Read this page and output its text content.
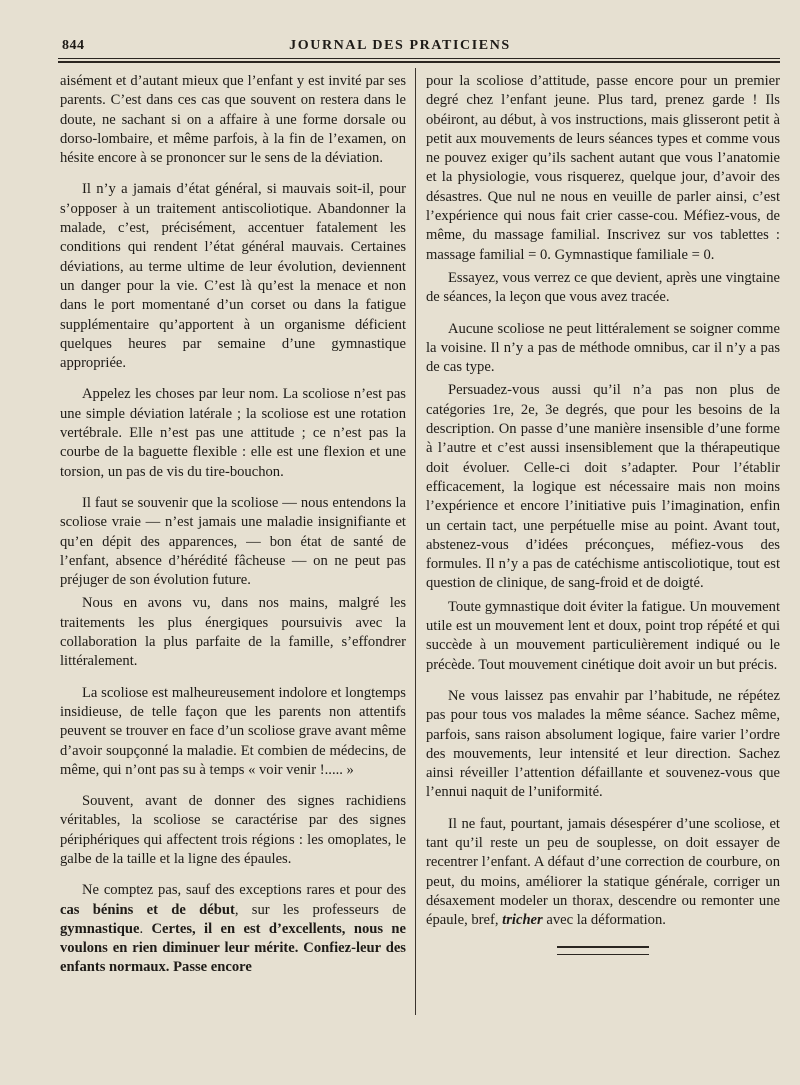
844	JOURNAL DES PRATICIENS

aisément et d’autant mieux que l’enfant y est invité par ses parents. C’est dans ces cas que souvent on restera dans le doute, ne sachant si on a affaire à une forme dorsale ou dorso-lombaire, et même parfois, à la fin de l’examen, on hésite encore à se prononcer sur le sens de la déviation.

Il n’y a jamais d’état général, si mauvais soit-il, pour s’opposer à un traitement antiscoliotique. Abandonner la malade, c’est, précisément, accentuer fatalement les conditions qui rendent l’état général mauvais. Certaines déviations, au terme ultime de leur évolution, deviennent un danger pour la vie. C’est là qu’est la menace et non dans le port momentané d’un corset ou dans la fatigue supplémentaire qu’apportent à un organisme déficient quelques heures par semaine d’une gymnastique appropriée.

Appelez les choses par leur nom. La scoliose n’est pas une simple déviation latérale ; la scoliose est une rotation vertébrale. Elle n’est pas une attitude ; ce n’est pas la courbe de la baguette flexible : elle est une flexion et une torsion, un pas de vis du tire-bouchon.

Il faut se souvenir que la scoliose — nous entendons la scoliose vraie — n’est jamais une maladie insignifiante et qu’en dépit des apparences, — bon état de santé de l’enfant, absence d’hérédité fâcheuse — on ne peut pas préjuger de son évolution future.

Nous en avons vu, dans nos mains, malgré les traitements les plus énergiques poursuivis avec la collaboration la plus parfaite de la famille, s’effondrer littéralement.

La scoliose est malheureusement indolore et longtemps insidieuse, de telle façon que les parents non attentifs peuvent se trouver en face d’un scoliose grave avant même d’avoir soupçonné la maladie. Et combien de médecins, de même, qui n’ont pas su à temps « voir venir !..... »

Souvent, avant de donner des signes rachidiens véritables, la scoliose se caractérise par des signes périphériques qui affectent trois régions : les omoplates, le galbe de la taille et la ligne des épaules.

Ne comptez pas, sauf des exceptions rares et pour des cas bénins et de début, sur les professeurs de gymnastique. Certes, il en est d’excellents, nous ne voulons en rien diminuer leur mérite. Confiez-leur des enfants normaux. Passe encore

pour la scoliose d’attitude, passe encore pour un premier degré chez l’enfant jeune. Plus tard, prenez garde ! Ils obéiront, au début, à vos instructions, mais glisseront petit à petit aux mouvements de leurs séances types et comme vous ne pouvez exiger qu’ils sachent autant que vous l’anatomie et la physiologie, vous risquerez, quelque jour, d’avoir des désastres. Que nul ne nous en veuille de parler ainsi, c’est l’expérience qui nous fait crier casse-cou. Méfiez-vous, de même, du massage familial. Inscrivez sur vos tablettes : massage familial = 0. Gymnastique familiale = 0.

Essayez, vous verrez ce que devient, après une vingtaine de séances, la leçon que vous avez tracée.

Aucune scoliose ne peut littéralement se soigner comme la voisine. Il n’y a pas de méthode omnibus, car il n’y a pas de cas type.

Persuadez-vous aussi qu’il n’a pas non plus de catégories 1re, 2e, 3e degrés, que pour les besoins de la description. On passe d’une manière insensible d’une forme à l’autre et c’est aussi insensiblement que la thérapeutique doit évoluer. Celle-ci doit s’adapter. Pour l’établir efficacement, la logique est nécessaire mais non moins l’expérience et encore l’initiative puis l’imagination, enfin un certain tact, une perpétuelle mise au point. Avant tout, abstenez-vous d’idées préconçues, méfiez-vous des formules. Il n’y a pas de catéchisme antiscoliotique, tout est question de clinique, de sang-froid et de doigté.

Toute gymnastique doit éviter la fatigue. Un mouvement utile est un mouvement lent et doux, point trop répété et qui succède à un mouvement particulièrement indiqué ou le précède. Tout mouvement cinétique doit avoir un but précis.

Ne vous laissez pas envahir par l’habitude, ne répétez pas pour tous vos malades la même séance. Sachez même, parfois, sans raison absolument logique, faire varier l’ordre des mouvements, leur intensité et leur direction. Sachez ainsi réveiller l’attention défaillante et souvenez-vous que l’ennui naquit de l’uniformité.

Il ne faut, pourtant, jamais désespérer d’une scoliose, et tant qu’il reste un peu de souplesse, on doit essayer de recentrer l’enfant. A défaut d’une correction de courbure, on peut, du moins, améliorer la statique générale, corriger un désaxement modeler un thorax, descendre ou remonter une épaule, bref, tricher avec la déformation.
